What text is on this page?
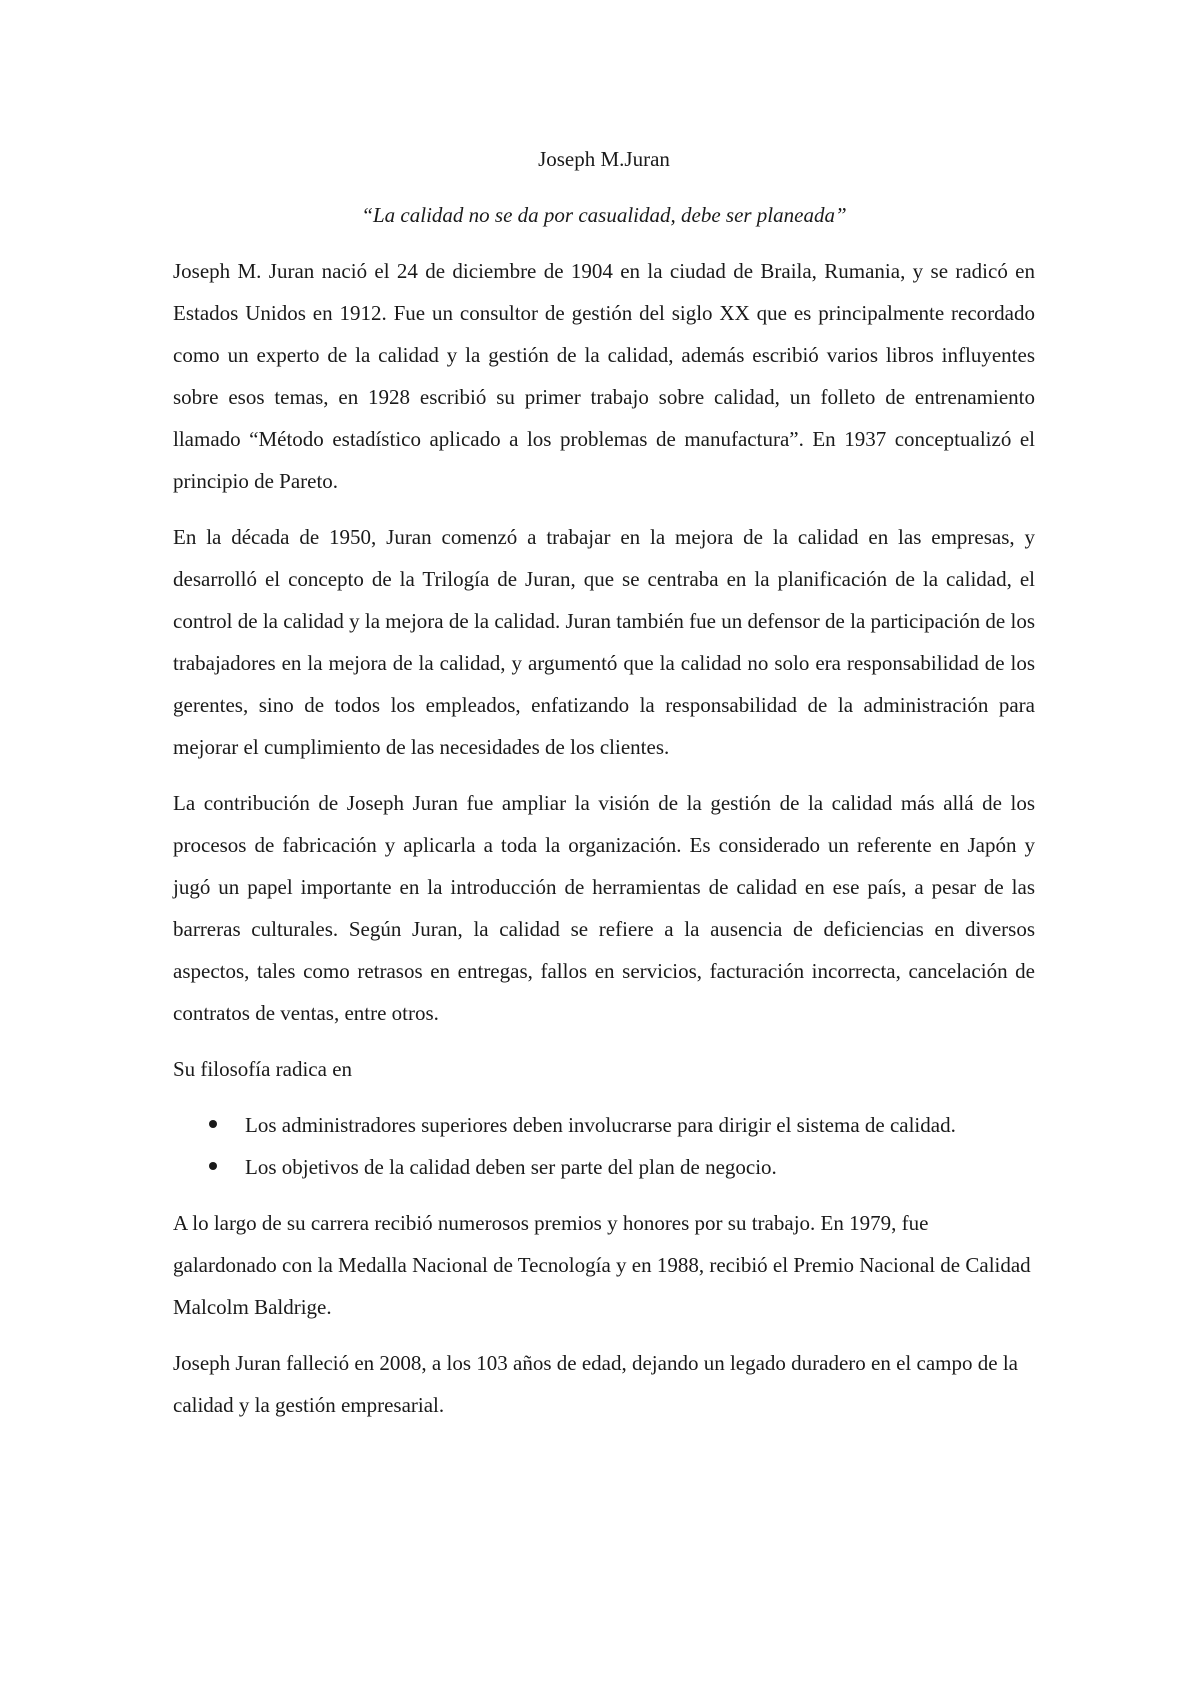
Joseph M.Juran

“La calidad no se da por casualidad, debe ser planeada”

Joseph M. Juran nació el 24 de diciembre de 1904 en la ciudad de Braila, Rumania, y se radicó en Estados Unidos en 1912. Fue un consultor de gestión del siglo XX que es principalmente recordado como un experto de la calidad y la gestión de la calidad, además escribió varios libros influyentes sobre esos temas, en 1928 escribió su primer trabajo sobre calidad, un folleto de entrenamiento llamado “Método estadístico aplicado a los problemas de manufactura”. En 1937 conceptualizó el principio de Pareto.

En la década de 1950, Juran comenzó a trabajar en la mejora de la calidad en las empresas, y desarrolló el concepto de la Trilogía de Juran, que se centraba en la planificación de la calidad, el control de la calidad y la mejora de la calidad. Juran también fue un defensor de la participación de los trabajadores en la mejora de la calidad, y argumentó que la calidad no solo era responsabilidad de los gerentes, sino de todos los empleados, enfatizando la responsabilidad de la administración para mejorar el cumplimiento de las necesidades de los clientes.

La contribución de Joseph Juran fue ampliar la visión de la gestión de la calidad más allá de los procesos de fabricación y aplicarla a toda la organización. Es considerado un referente en Japón y jugó un papel importante en la introducción de herramientas de calidad en ese país, a pesar de las barreras culturales. Según Juran, la calidad se refiere a la ausencia de deficiencias en diversos aspectos, tales como retrasos en entregas, fallos en servicios, facturación incorrecta, cancelación de contratos de ventas, entre otros.

Su filosofía radica en

Los administradores superiores deben involucrarse para dirigir el sistema de calidad.
Los objetivos de la calidad deben ser parte del plan de negocio.

A lo largo de su carrera recibió numerosos premios y honores por su trabajo. En 1979, fue galardonado con la Medalla Nacional de Tecnología y en 1988, recibió el Premio Nacional de Calidad Malcolm Baldrige.

Joseph Juran falleció en 2008, a los 103 años de edad, dejando un legado duradero en el campo de la calidad y la gestión empresarial.
